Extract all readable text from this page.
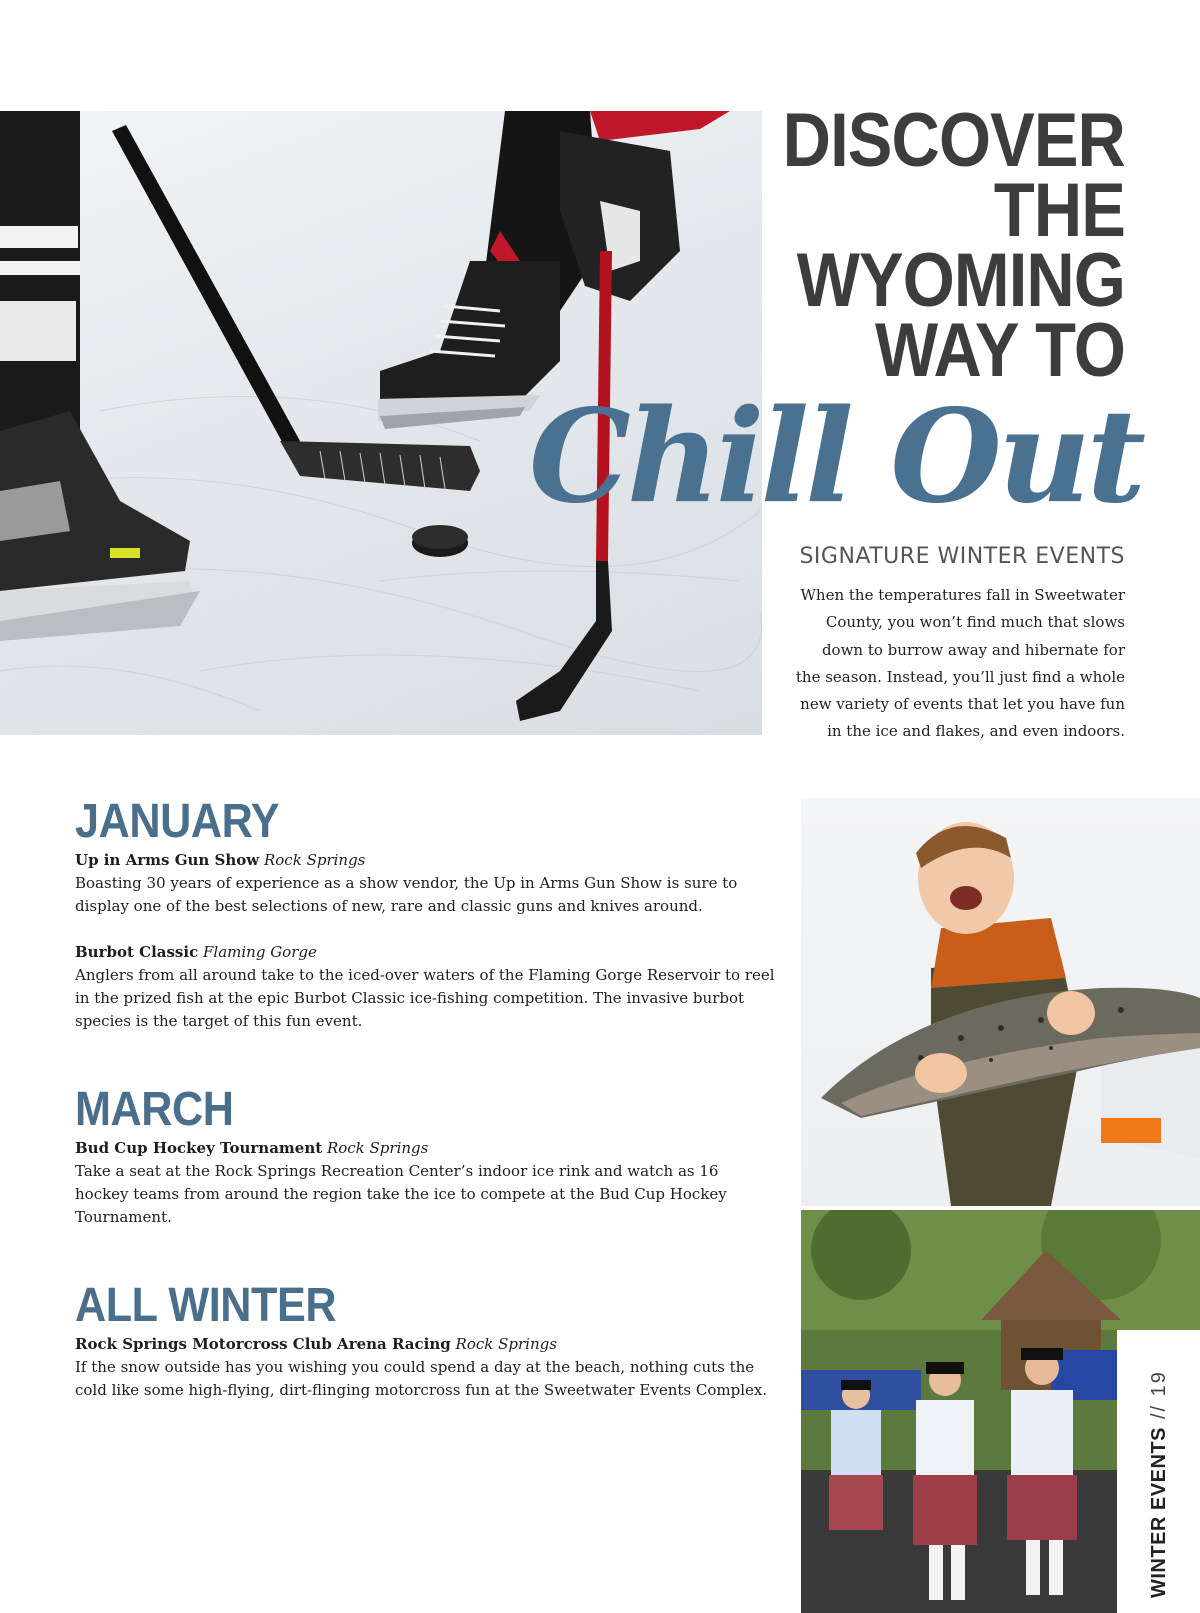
DISCOVER
THE
WYOMING
WAY TO
Chill Out
SIGNATURE WINTER EVENTS
When the temperatures fall in Sweetwater County, you won’t find much that slows down to burrow away and hibernate for the season. Instead, you’ll just find a whole new variety of events that let you have fun in the ice and flakes, and even indoors.
JANUARY
Up in Arms Gun Show Rock Springs

Boasting 30 years of experience as a show vendor, the Up in Arms Gun Show is sure to display one of the best selections of new, rare and classic guns and knives around.

Burbot Classic Flaming Gorge

Anglers from all around take to the iced-over waters of the Flaming Gorge Reservoir to reel in the prized fish at the epic Burbot Classic ice-fishing competition. The invasive burbot species is the target of this fun event.

MARCH
Bud Cup Hockey Tournament Rock Springs

Take a seat at the Rock Springs Recreation Center’s indoor ice rink and watch as 16 hockey teams from around the region take the ice to compete at the Bud Cup Hockey Tournament.

ALL WINTER
Rock Springs Motorcross Club Arena Racing Rock Springs

If the snow outside has you wishing you could spend a day at the beach, nothing cuts the cold like some high-flying, dirt-flinging motorcross fun at the Sweetwater Events Complex.

WINTER EVENTS// 19
